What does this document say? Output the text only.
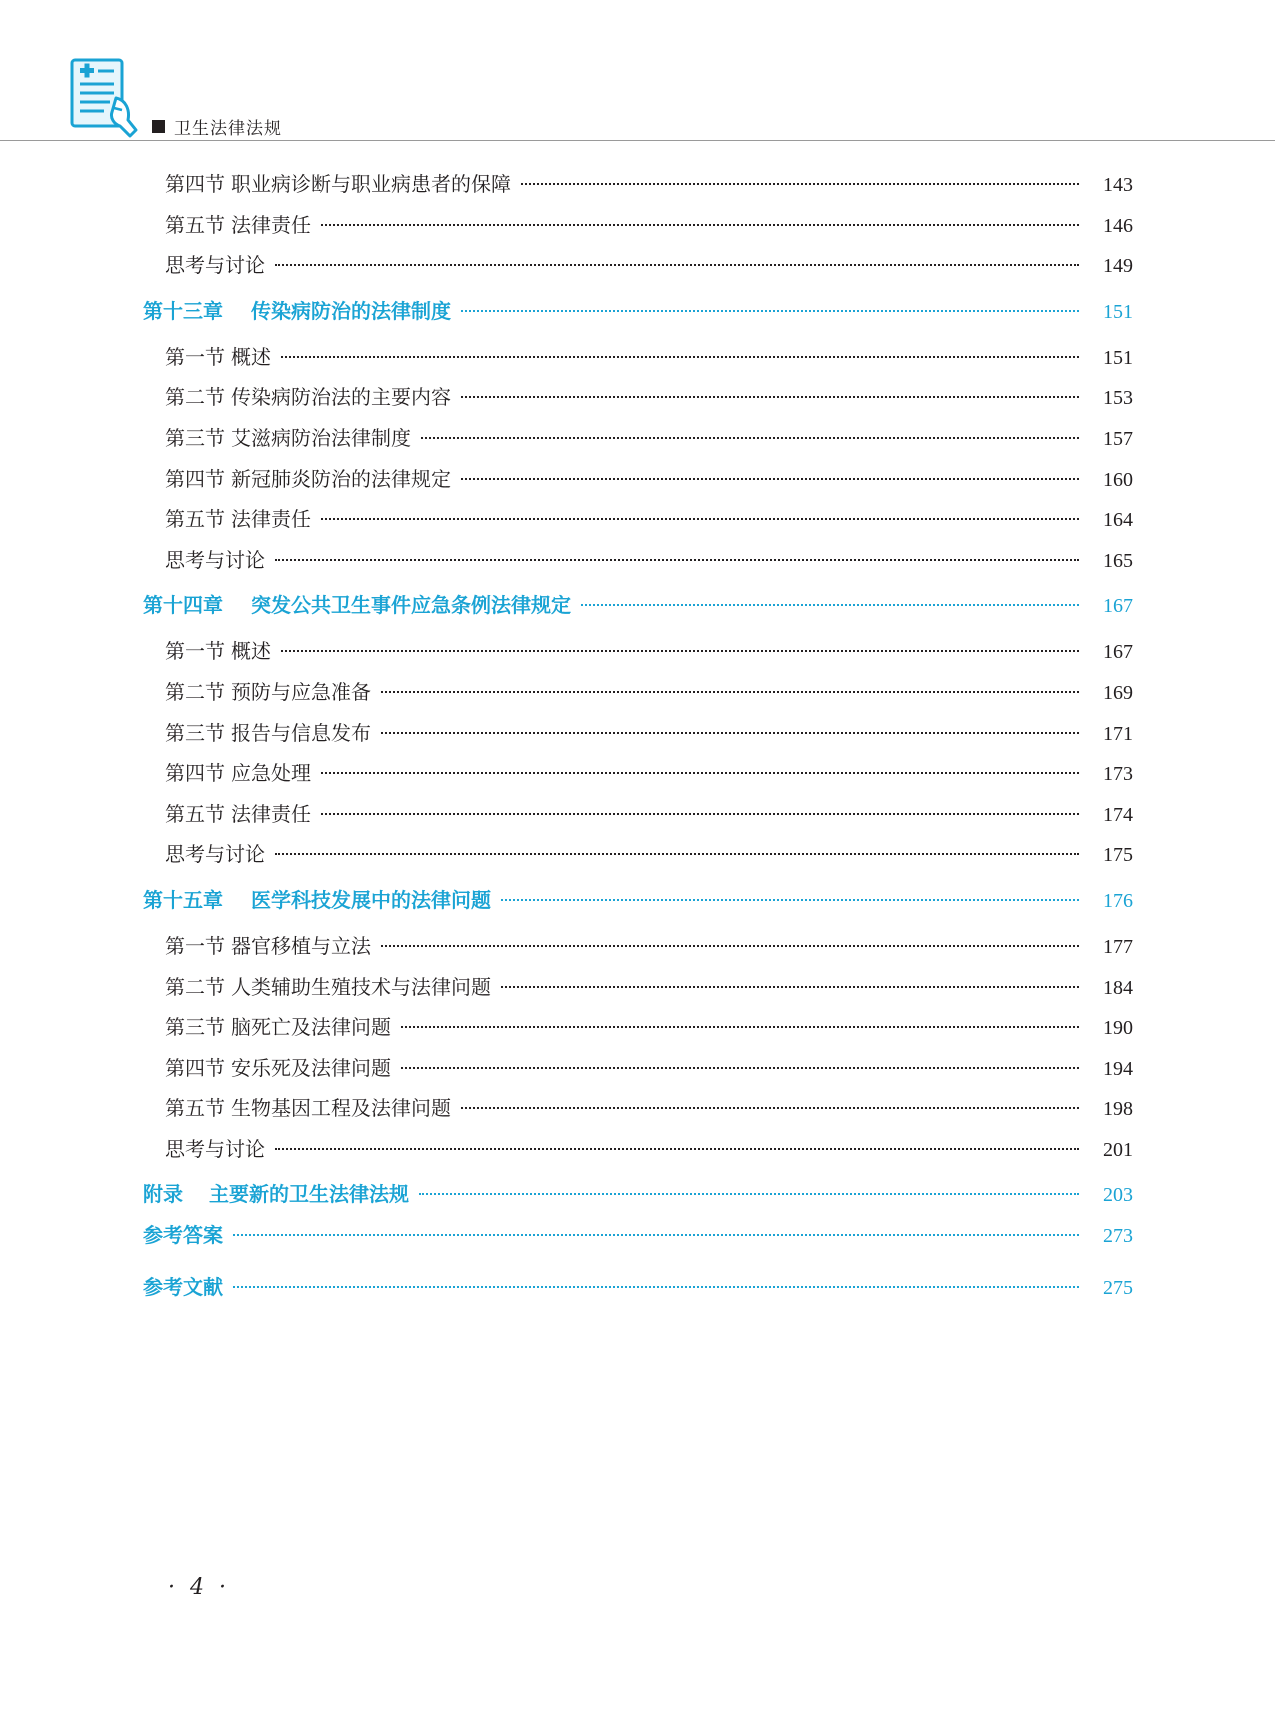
卫生法律法规
第四节 职业病诊断与职业病患者的保障	143
第五节 法律责任	146
思考与讨论	149
第十三章	传染病防治的法律制度	151
第一节 概述	151
第二节 传染病防治法的主要内容	153
第三节 艾滋病防治法律制度	157
第四节 新冠肺炎防治的法律规定	160
第五节 法律责任	164
思考与讨论	165
第十四章	突发公共卫生事件应急条例法律规定	167
第一节 概述	167
第二节 预防与应急准备	169
第三节 报告与信息发布	171
第四节 应急处理	173
第五节 法律责任	174
思考与讨论	175
第十五章	医学科技发展中的法律问题	176
第一节 器官移植与立法	177
第二节 人类辅助生殖技术与法律问题	184
第三节 脑死亡及法律问题	190
第四节 安乐死及法律问题	194
第五节 生物基因工程及法律问题	198
思考与讨论	201
附录	主要新的卫生法律法规	203
参考答案	273
参考文献	275
· 4 ·
